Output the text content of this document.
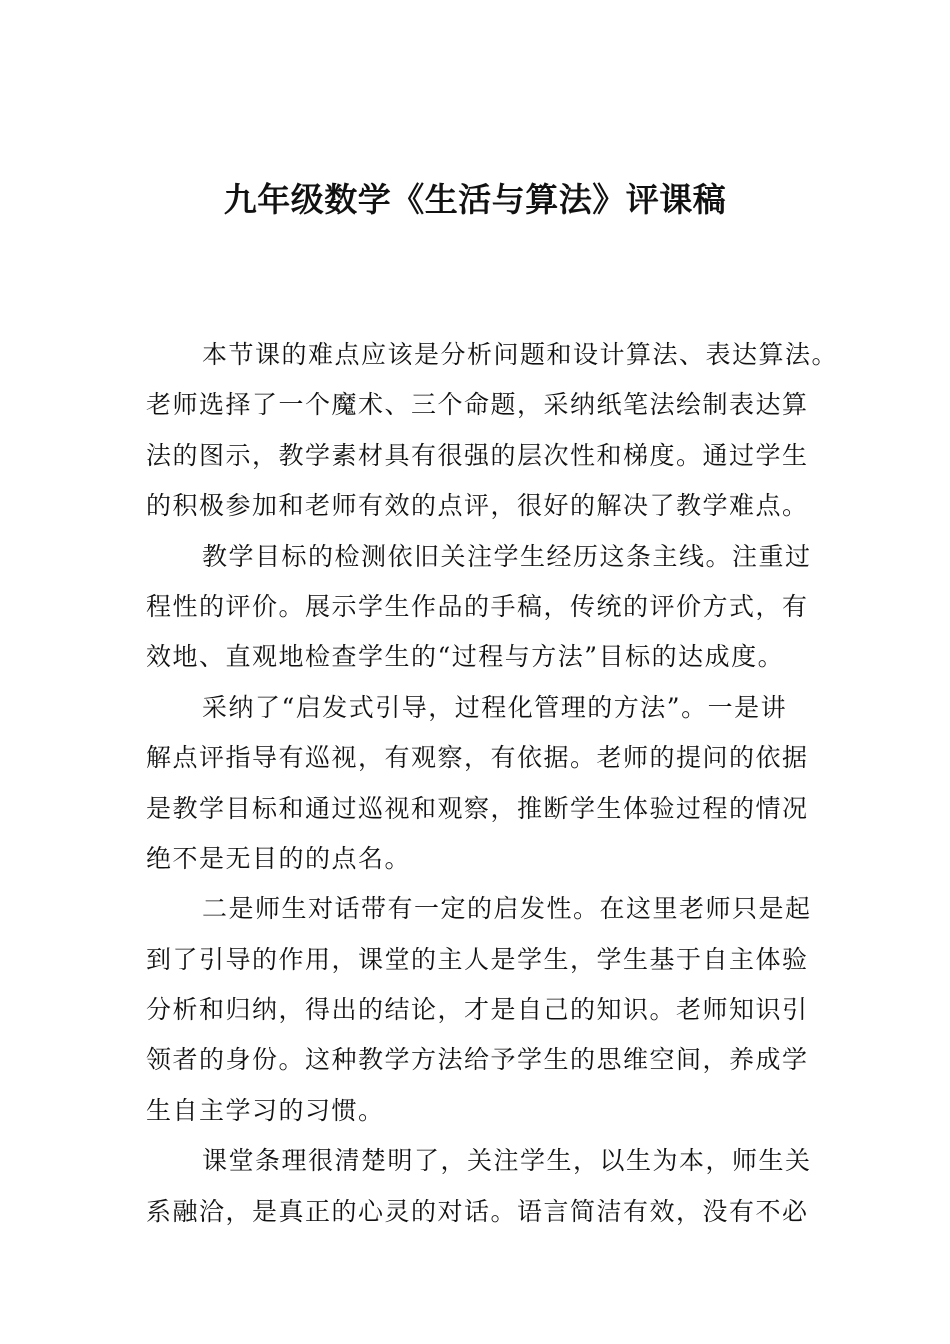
九年级数学《生活与算法》评课稿
本节课的难点应该是分析问题和设计算法、表达算法。
老师选择了一个魔术、三个命题，采纳纸笔法绘制表达算
法的图示，教学素材具有很强的层次性和梯度。通过学生
的积极参加和老师有效的点评，很好的解决了教学难点。
教学目标的检测依旧关注学生经历这条主线。注重过
程性的评价。展示学生作品的手稿，传统的评价方式，有
效地、直观地检查学生的“过程与方法”目标的达成度。
采纳了“启发式引导，过程化管理的方法”。一是讲
解点评指导有巡视，有观察，有依据。老师的提问的依据
是教学目标和通过巡视和观察，推断学生体验过程的情况
绝不是无目的的点名。
二是师生对话带有一定的启发性。在这里老师只是起
到了引导的作用，课堂的主人是学生，学生基于自主体验
分析和归纳，得出的结论，才是自己的知识。老师知识引
领者的身份。这种教学方法给予学生的思维空间，养成学
生自主学习的习惯。
课堂条理很清楚明了，关注学生，以生为本，师生关
系融洽，是真正的心灵的对话。语言简洁有效，没有不必
